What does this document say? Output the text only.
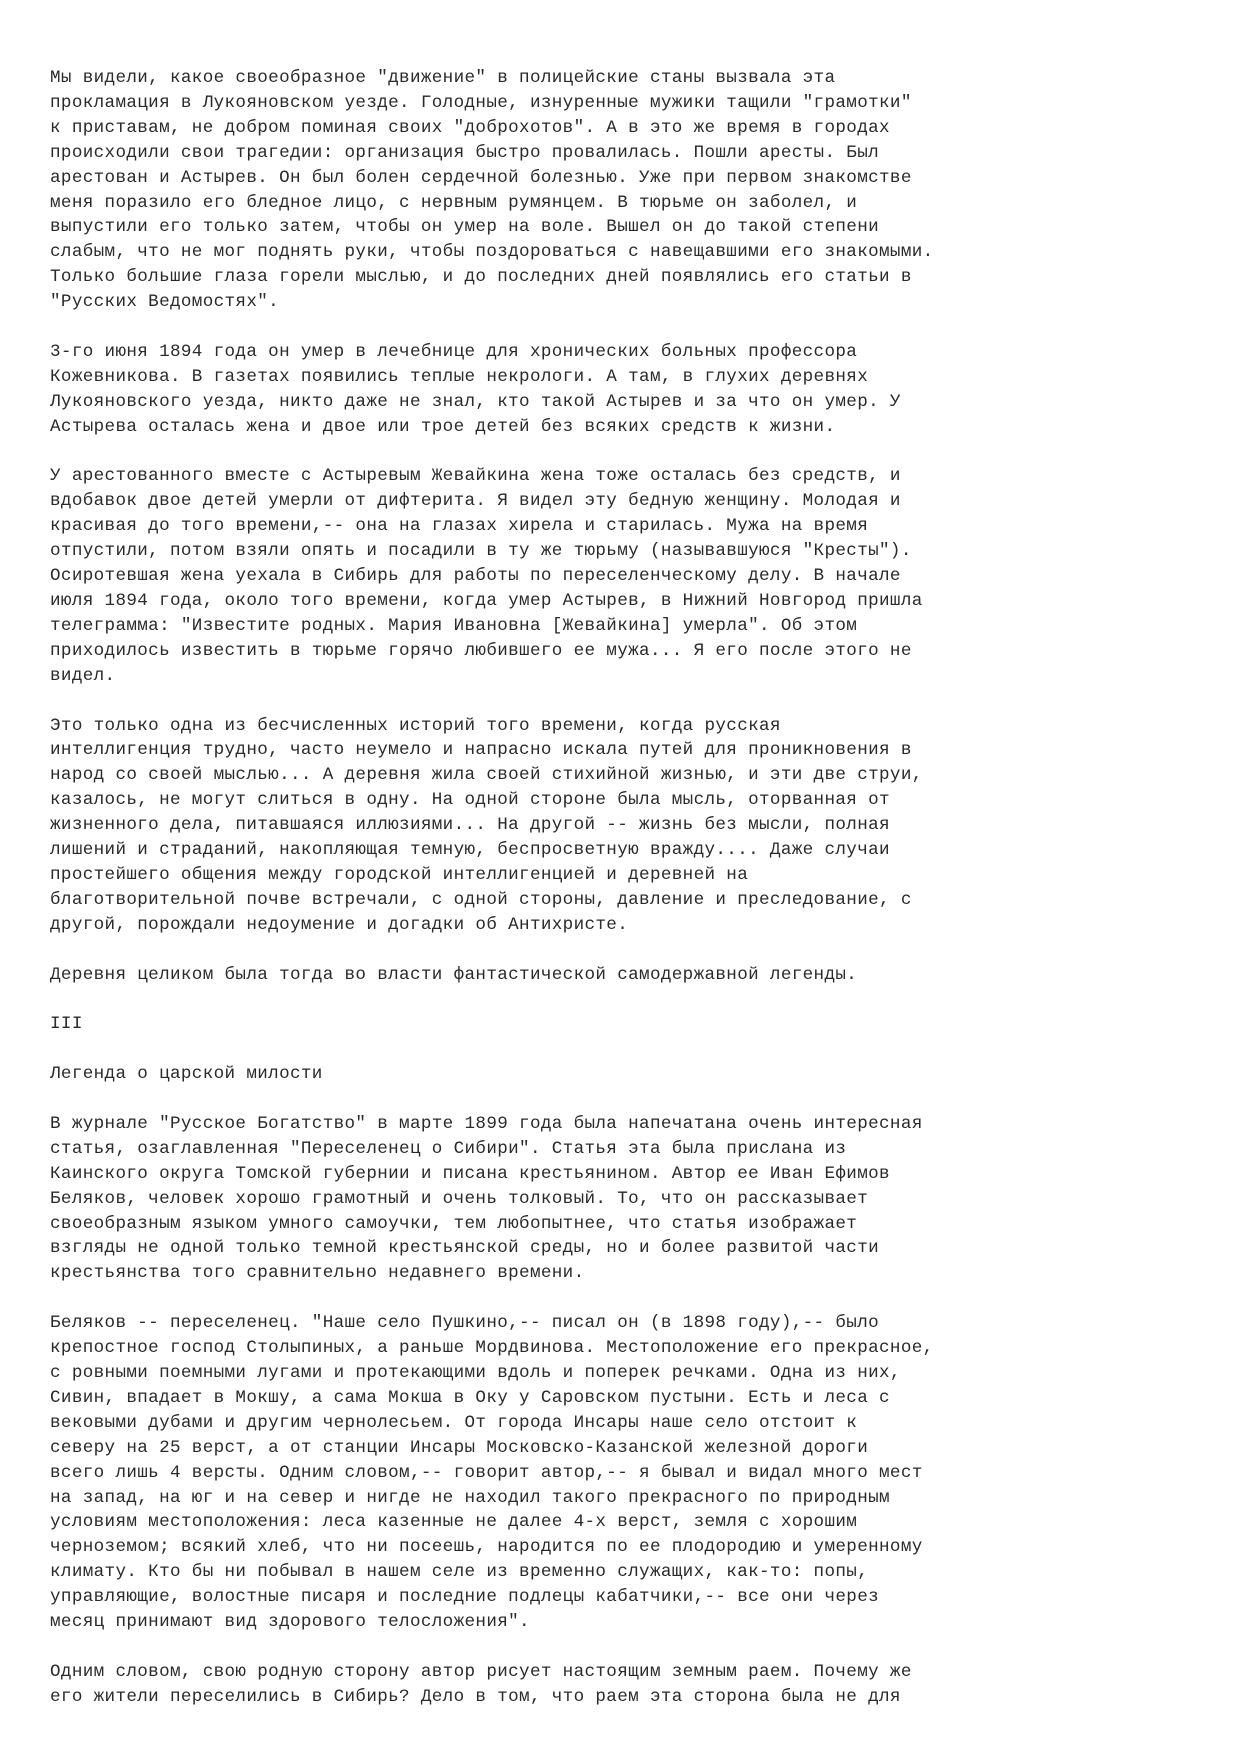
Мы видели, какое своеобразное "движение" в полицейские станы вызвала эта
прокламация в Лукояновском уезде. Голодные, изнуренные мужики тащили "грамотки"
к приставам, не добром поминая своих "доброхотов". А в это же время в городах
происходили свои трагедии: организация быстро провалилась. Пошли аресты. Был
арестован и Астырев. Он был болен сердечной болезнью. Уже при первом знакомстве
меня поразило его бледное лицо, с нервным румянцем. В тюрьме он заболел, и
выпустили его только затем, чтобы он умер на воле. Вышел он до такой степени
слабым, что не мог поднять руки, чтобы поздороваться с навещавшими его знакомыми.
Только большие глаза горели мыслью, и до последних дней появлялись его статьи в
"Русских Ведомостях".
3-го июня 1894 года он умер в лечебнице для хронических больных профессора
Кожевникова. В газетах появились теплые некрологи. А там, в глухих деревнях
Лукояновского уезда, никто даже не знал, кто такой Астырев и за что он умер. У
Астырева осталась жена и двое или трое детей без всяких средств к жизни.
У арестованного вместе с Астыревым Жевайкина жена тоже осталась без средств, и
вдобавок двое детей умерли от дифтерита. Я видел эту бедную женщину. Молодая и
красивая до того времени,-- она на глазах хирела и старилась. Мужа на время
отпустили, потом взяли опять и посадили в ту же тюрьму (называвшуюся "Кресты").
Осиротевшая жена уехала в Сибирь для работы по переселенческому делу. В начале
июля 1894 года, около того времени, когда умер Астырев, в Нижний Новгород пришла
телеграмма: "Известите родных. Мария Ивановна [Жевайкина] умерла". Об этом
приходилось известить в тюрьме горячо любившего ее мужа... Я его после этого не
видел.
Это только одна из бесчисленных историй того времени, когда русская
интеллигенция трудно, часто неумело и напрасно искала путей для проникновения в
народ со своей мыслью... А деревня жила своей стихийной жизнью, и эти две струи,
казалось, не могут слиться в одну. На одной стороне была мысль, оторванная от
жизненного дела, питавшаяся иллюзиями... На другой -- жизнь без мысли, полная
лишений и страданий, накопляющая темную, беспросветную вражду.... Даже случаи
простейшего общения между городской интеллигенцией и деревней на
благотворительной почве встречали, с одной стороны, давление и преследование, с
другой, порождали недоумение и догадки об Антихристе.
Деревня целиком была тогда во власти фантастической самодержавной легенды.
III
Легенда о царской милости
В журнале "Русское Богатство" в марте 1899 года была напечатана очень интересная
статья, озаглавленная "Переселенец о Сибири". Статья эта была прислана из
Каинского округа Томской губернии и писана крестьянином. Автор ее Иван Ефимов
Беляков, человек хорошо грамотный и очень толковый. То, что он рассказывает
своеобразным языком умного самоучки, тем любопытнее, что статья изображает
взгляды не одной только темной крестьянской среды, но и более развитой части
крестьянства того сравнительно недавнего времени.
Беляков -- переселенец. "Наше село Пушкино,-- писал он (в 1898 году),-- было
крепостное господ Столыпиных, а раньше Мордвинова. Местоположение его прекрасное,
с ровными поемными лугами и протекающими вдоль и поперек речками. Одна из них,
Сивин, впадает в Мокшу, а сама Мокша в Оку у Саровском пустыни. Есть и леса с
вековыми дубами и другим чернолесьем. От города Инсары наше село отстоит к
северу на 25 верст, а от станции Инсары Московско-Казанской железной дороги
всего лишь 4 версты. Одним словом,-- говорит автор,-- я бывал и видал много мест
на запад, на юг и на север и нигде не находил такого прекрасного по природным
условиям местоположения: леса казенные не далее 4-х верст, земля с хорошим
черноземом; всякий хлеб, что ни посеешь, народится по ее плодородию и умеренному
климату. Кто бы ни побывал в нашем селе из временно служащих, как-то: попы,
управляющие, волостные писаря и последние подлецы кабатчики,-- все они через
месяц принимают вид здорового телосложения".
Одним словом, свою родную сторону автор рисует настоящим земным раем. Почему же
его жители переселились в Сибирь? Дело в том, что раем эта сторона была не для
